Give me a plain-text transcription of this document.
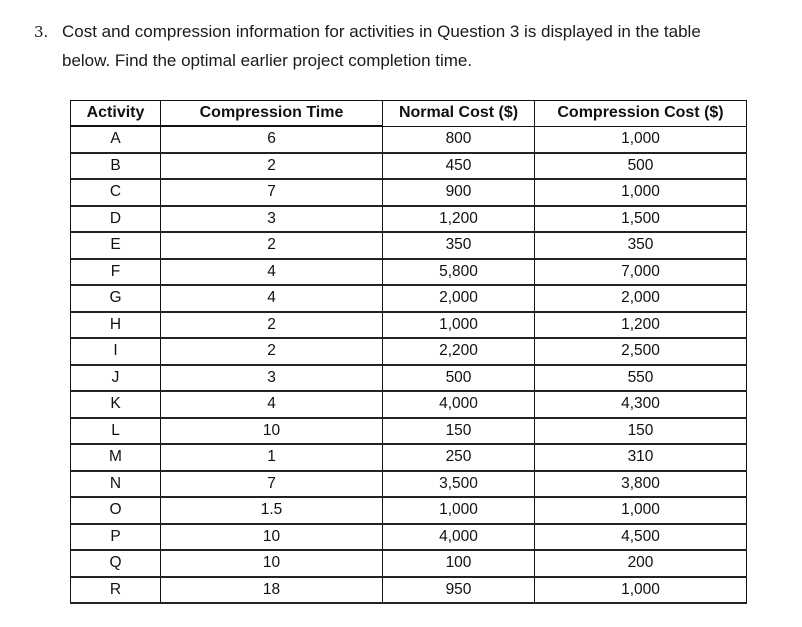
3. Cost and compression information for activities in Question 3 is displayed in the table
below. Find the optimal earlier project completion time.
Activity	Compression Time	Normal Cost ($)	Compression Cost ($)
A	6	800	1,000
B	2	450	500
C	7	900	1,000
D	3	1,200	1,500
E	2	350	350
F	4	5,800	7,000
G	4	2,000	2,000
H	2	1,000	1,200
I	2	2,200	2,500
J	3	500	550
K	4	4,000	4,300
L	10	150	150
M	1	250	310
N	7	3,500	3,800
O	1.5	1,000	1,000
P	10	4,000	4,500
Q	10	100	200
R	18	950	1,000
